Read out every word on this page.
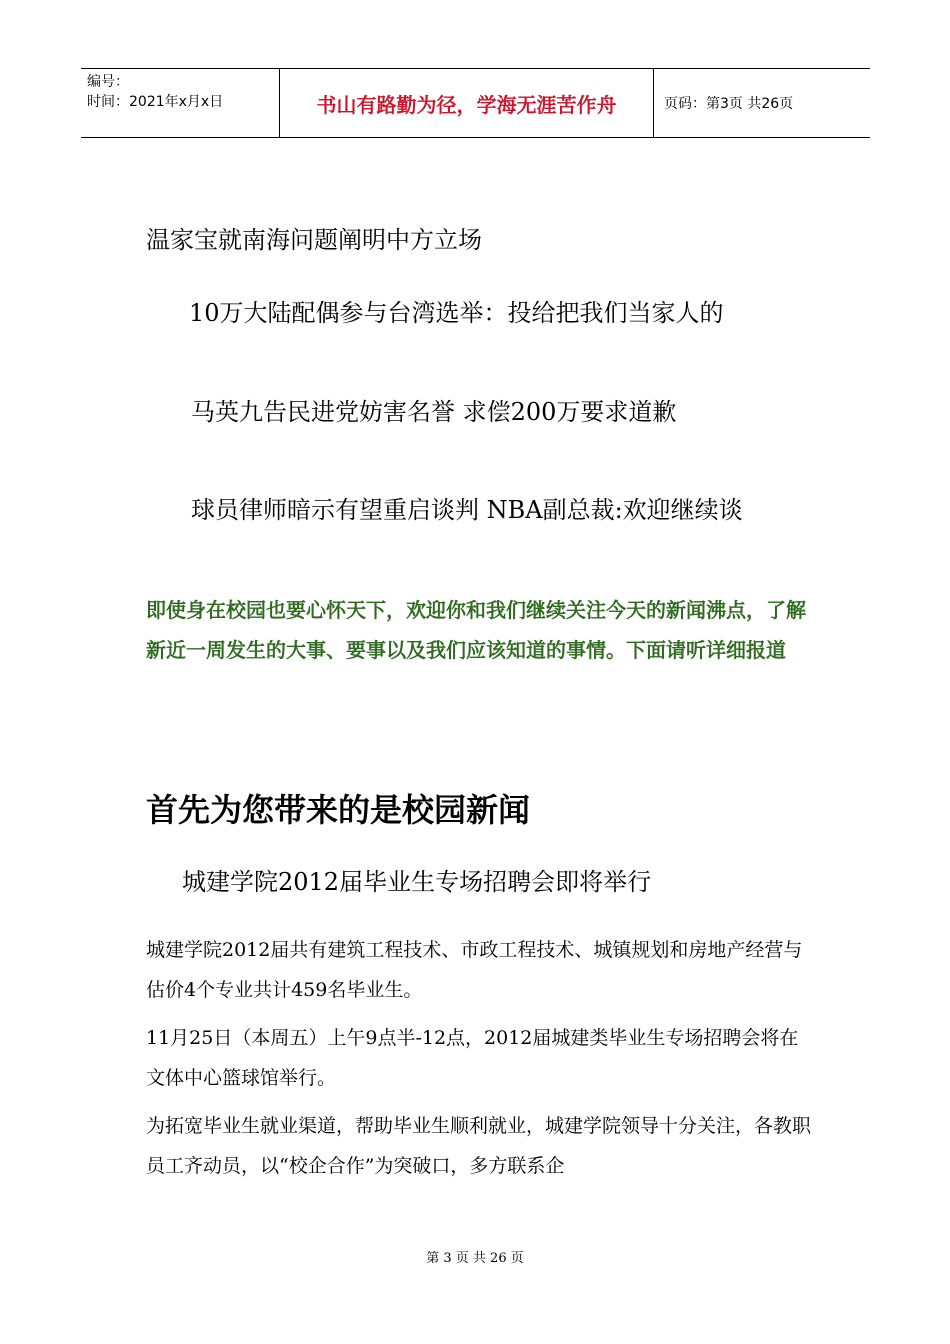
编号：
时间：2021年x月x日	书山有路勤为径，学海无涯苦作舟	页码：第3页 共26页
温家宝就南海问题阐明中方立场
10万大陆配偶参与台湾选举：投给把我们当家人的
马英九告民进党妨害名誉 求偿200万要求道歉
球员律师暗示有望重启谈判 NBA副总裁:欢迎继续谈
即使身在校园也要心怀天下，欢迎你和我们继续关注今天的新闻沸点，了解新近一周发生的大事、要事以及我们应该知道的事情。下面请听详细报道
首先为您带来的是校园新闻
城建学院2012届毕业生专场招聘会即将举行

城建学院2012届共有建筑工程技术、市政工程技术、城镇规划和房地产经营与估价4个专业共计459名毕业生。

11月25日（本周五）上午9点半-12点，2012届城建类毕业生专场招聘会将在文体中心篮球馆举行。

为拓宽毕业生就业渠道，帮助毕业生顺利就业，城建学院领导十分关注，各教职员工齐动员，以“校企合作”为突破口，多方联系企

第 3 页 共 26 页
